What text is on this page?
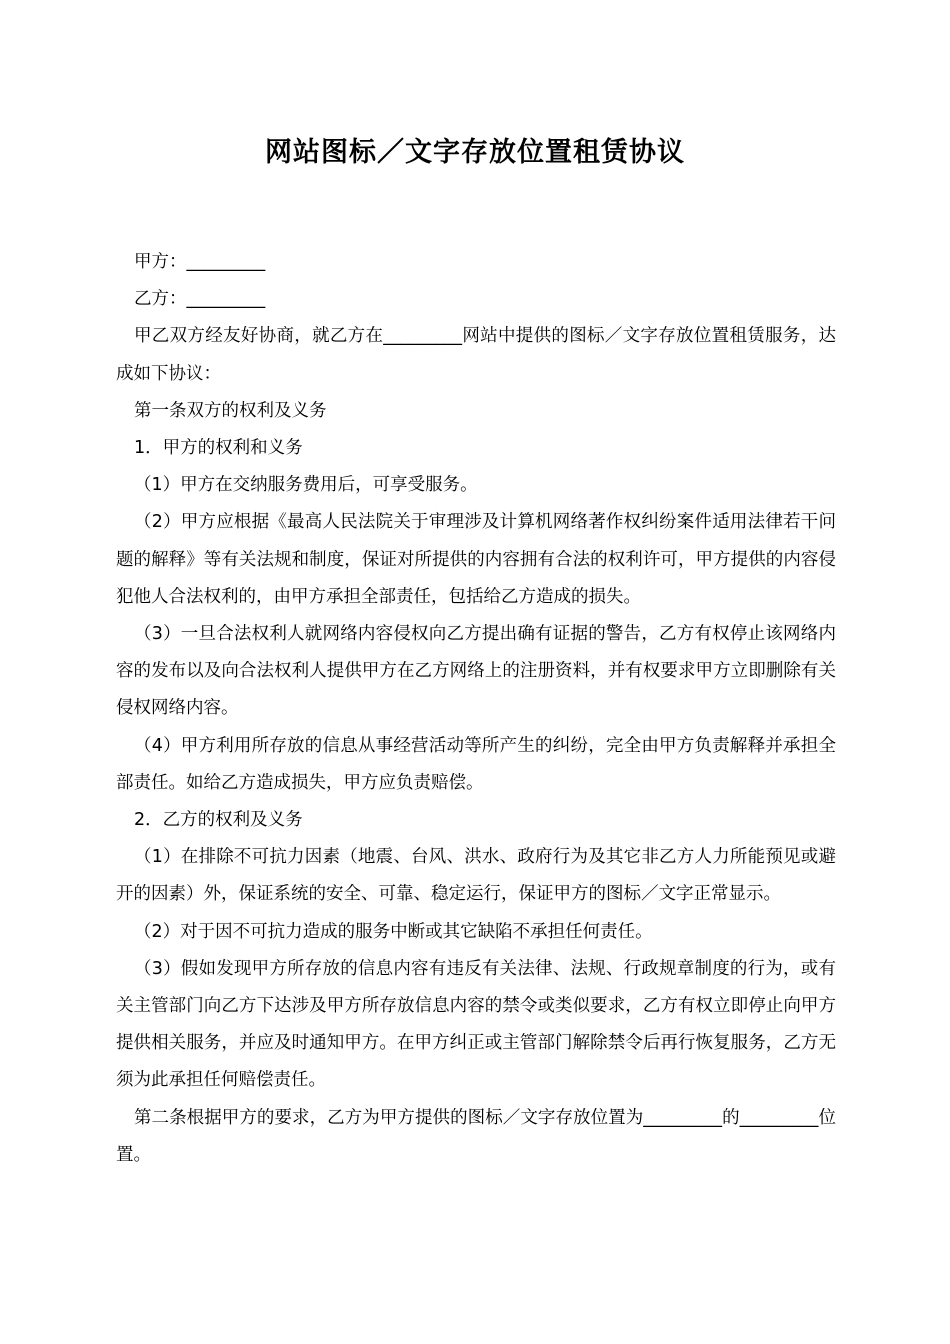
网站图标／文字存放位置租赁协议

甲方：_________

乙方：_________

甲乙双方经友好协商，就乙方在_________网站中提供的图标／文字存放位置租赁服务，达成如下协议：

第一条双方的权利及义务

1．甲方的权利和义务

（1）甲方在交纳服务费用后，可享受服务。

（2）甲方应根据《最高人民法院关于审理涉及计算机网络著作权纠纷案件适用法律若干问题的解释》等有关法规和制度，保证对所提供的内容拥有合法的权利许可，甲方提供的内容侵犯他人合法权利的，由甲方承担全部责任，包括给乙方造成的损失。

（3）一旦合法权利人就网络内容侵权向乙方提出确有证据的警告，乙方有权停止该网络内容的发布以及向合法权利人提供甲方在乙方网络上的注册资料，并有权要求甲方立即删除有关侵权网络内容。

（4）甲方利用所存放的信息从事经营活动等所产生的纠纷，完全由甲方负责解释并承担全部责任。如给乙方造成损失，甲方应负责赔偿。

2．乙方的权利及义务

（1）在排除不可抗力因素（地震、台风、洪水、政府行为及其它非乙方人力所能预见或避开的因素）外，保证系统的安全、可靠、稳定运行，保证甲方的图标／文字正常显示。

（2）对于因不可抗力造成的服务中断或其它缺陷不承担任何责任。

（3）假如发现甲方所存放的信息内容有违反有关法律、法规、行政规章制度的行为，或有关主管部门向乙方下达涉及甲方所存放信息内容的禁令或类似要求，乙方有权立即停止向甲方提供相关服务，并应及时通知甲方。在甲方纠正或主管部门解除禁令后再行恢复服务，乙方无须为此承担任何赔偿责任。

第二条根据甲方的要求，乙方为甲方提供的图标／文字存放位置为_________的_________位置。
